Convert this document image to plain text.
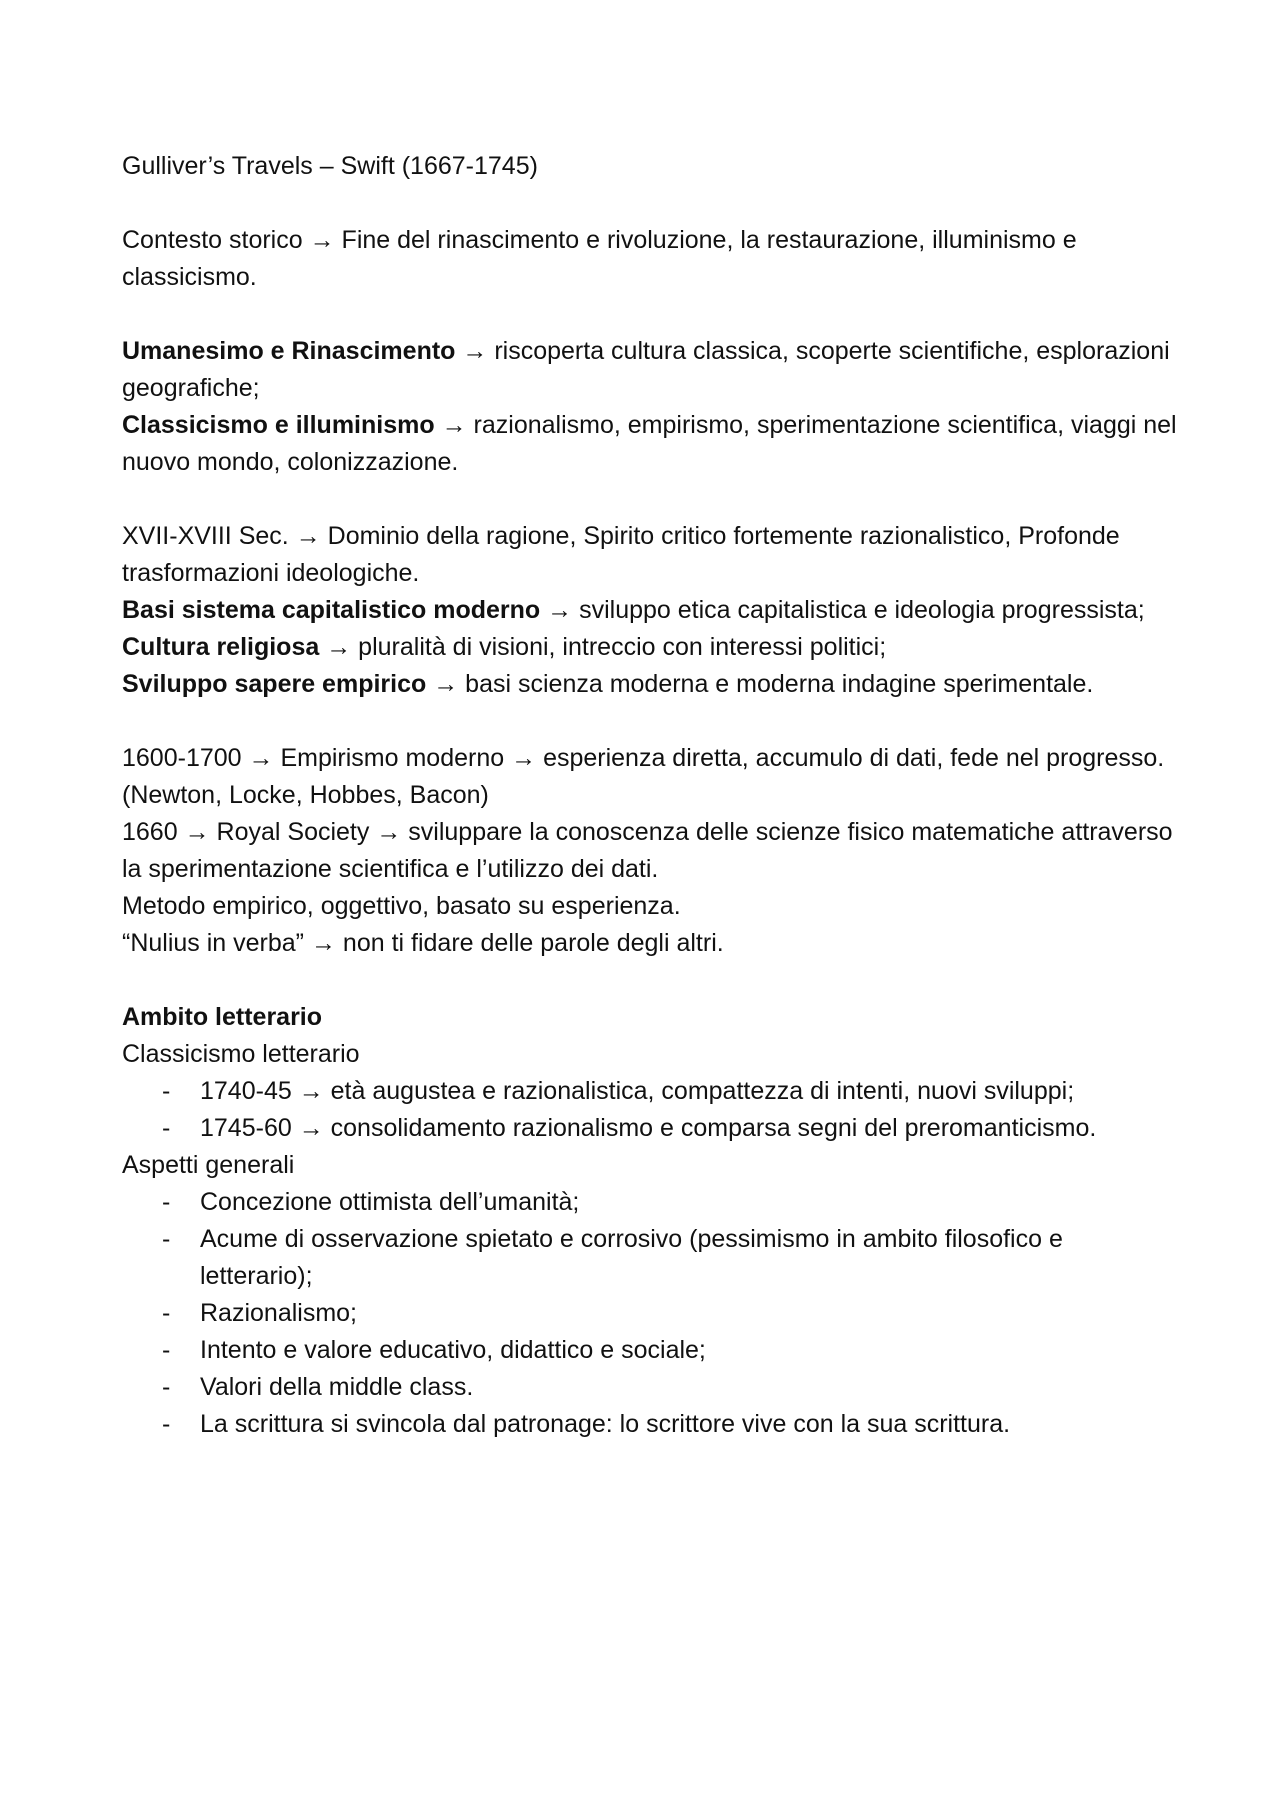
Gulliver’s Travels – Swift (1667-1745)

Contesto storico → Fine del rinascimento e rivoluzione, la restaurazione, illuminismo e classicismo.

Umanesimo e Rinascimento → riscoperta cultura classica, scoperte scientifiche, esplorazioni geografiche;

Classicismo e illuminismo → razionalismo, empirismo, sperimentazione scientifica, viaggi nel nuovo mondo, colonizzazione.

XVII-XVIII Sec. → Dominio della ragione, Spirito critico fortemente razionalistico, Profonde trasformazioni ideologiche.

Basi sistema capitalistico moderno → sviluppo etica capitalistica e ideologia progressista;

Cultura religiosa → pluralità di visioni, intreccio con interessi politici;

Sviluppo sapere empirico → basi scienza moderna e moderna indagine sperimentale.

1600-1700 → Empirismo moderno → esperienza diretta, accumulo di dati, fede nel progresso. (Newton, Locke, Hobbes, Bacon)

1660 → Royal Society → sviluppare la conoscenza delle scienze fisico matematiche attraverso la sperimentazione scientifica e l’utilizzo dei dati.

Metodo empirico, oggettivo, basato su esperienza.

“Nulius in verba” → non ti fidare delle parole degli altri.

Ambito letterario

Classicismo letterario

- 1740-45 → età augustea e razionalistica, compattezza di intenti, nuovi sviluppi;
- 1745-60 → consolidamento razionalismo e comparsa segni del preromanticismo.

Aspetti generali

- Concezione ottimista dell’umanità;
- Acume di osservazione spietato e corrosivo (pessimismo in ambito filosofico e letterario);
- Razionalismo;
- Intento e valore educativo, didattico e sociale;
- Valori della middle class.
- La scrittura si svincola dal patronage: lo scrittore vive con la sua scrittura.
